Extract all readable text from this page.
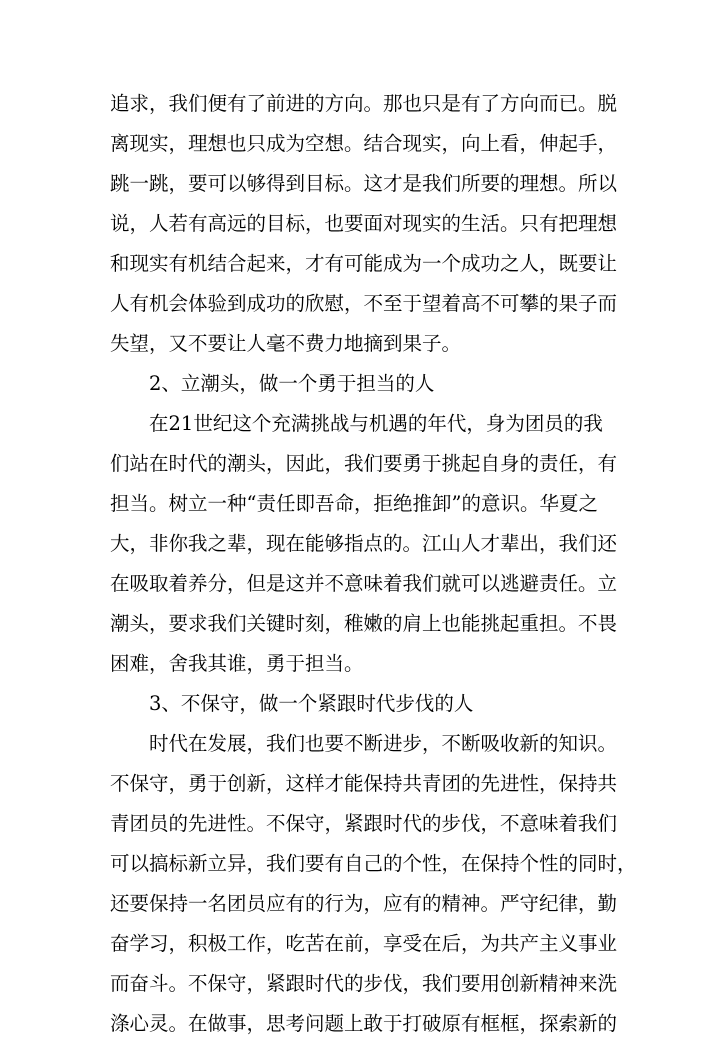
追求，我们便有了前进的方向。那也只是有了方向而已。脱

离现实，理想也只成为空想。结合现实，向上看，伸起手，

跳一跳，要可以够得到目标。这才是我们所要的理想。所以

说，人若有高远的目标，也要面对现实的生活。只有把理想

和现实有机结合起来，才有可能成为一个成功之人，既要让

人有机会体验到成功的欣慰，不至于望着高不可攀的果子而

失望，又不要让人毫不费力地摘到果子。

2、立潮头，做一个勇于担当的人

在21世纪这个充满挑战与机遇的年代，身为团员的我

们站在时代的潮头，因此，我们要勇于挑起自身的责任，有

担当。树立一种“责任即吾命，拒绝推卸”的意识。华夏之

大，非你我之辈，现在能够指点的。江山人才辈出，我们还

在吸取着养分，但是这并不意味着我们就可以逃避责任。立

潮头，要求我们关键时刻，稚嫩的肩上也能挑起重担。不畏

困难，舍我其谁，勇于担当。

3、不保守，做一个紧跟时代步伐的人

时代在发展，我们也要不断进步，不断吸收新的知识。

不保守，勇于创新，这样才能保持共青团的先进性，保持共

青团员的先进性。不保守，紧跟时代的步伐，不意味着我们

可以搞标新立异，我们要有自己的个性，在保持个性的同时，

还要保持一名团员应有的行为，应有的精神。严守纪律，勤

奋学习，积极工作，吃苦在前，享受在后，为共产主义事业

而奋斗。不保守，紧跟时代的步伐，我们要用创新精神来洗

涤心灵。在做事，思考问题上敢于打破原有框框，探索新的
